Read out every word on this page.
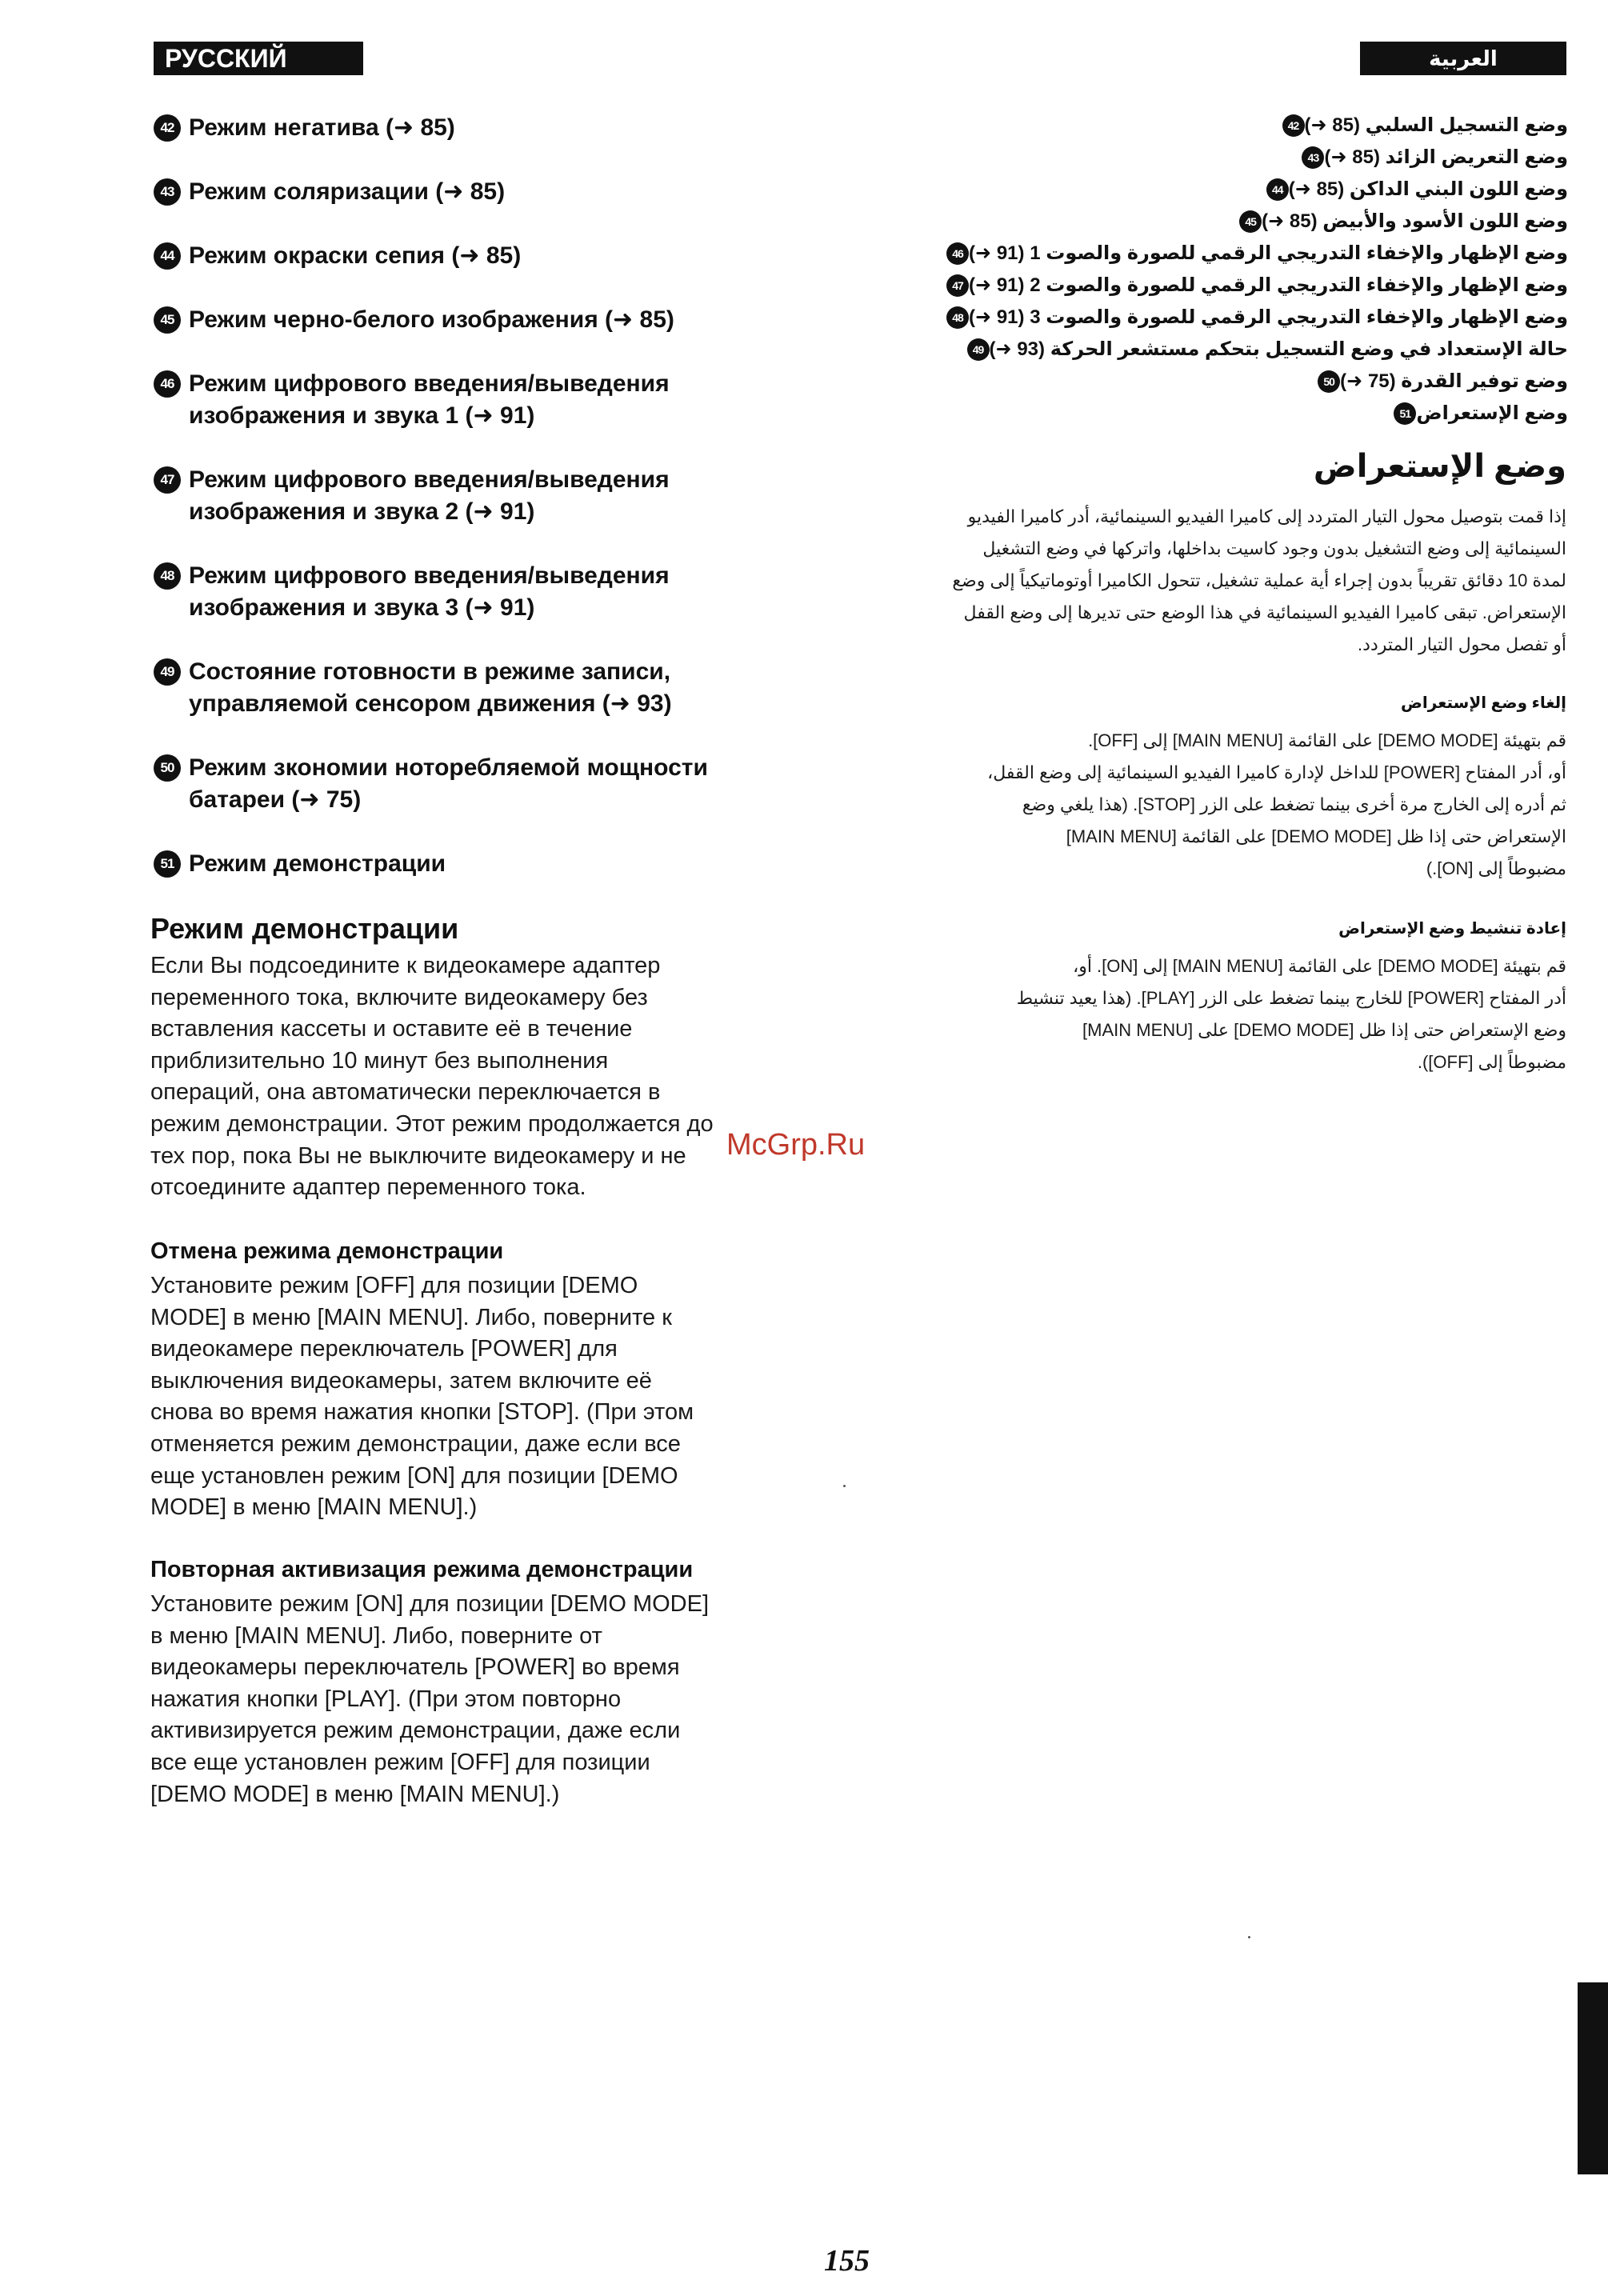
РУССКИЙ ЯЗЫК
العربية
42 Режим негатива (➜ 85)
43 Режим соляризации (➜ 85)
44 Режим окраски сепия (➜ 85)
45 Режим черно-белого изображения (➜ 85)
46 Режим цифрового введения/выведения
изображения и звука 1 (➜ 91)
47 Режим цифрового введения/выведения
изображения и звука 2 (➜ 91)
48 Режим цифрового введения/выведения
изображения и звука 3 (➜ 91)
49 Состояние готовности в режиме записи,
управляемой сенсором движения (➜ 93)
50 Режим зкономии ноторебляемой мощности
батареи (➜ 75)
51 Режим демонстрации
Режим демонстрации

Если Вы подсоедините к видеокамере адаптер
переменного тока, включите видеокамеру без
вставления кассеты и оставите её в течение
приблизительно 10 минут без выполнения
операций, она автоматически переключается в
режим демонстрации. Этот режим продолжается до
тех пор, пока Вы не выключите видеокамеру и не
отсоедините адаптер переменного тока.

Отмена режима демонстрации

Установите режим [OFF] для позиции [DEMO
MODE] в меню [MAIN MENU]. Либо, поверните к
видеокамере переключатель [POWER] для
выключения видеокамеры, затем включите её
снова во время нажатия кнопки [STOP]. (При этом
отменяется режим демонстрации, даже если все
еще установлен режим [ON] для позиции [DEMO
MODE] в меню [MAIN MENU].)

Повторная активизация режима демонстрации

Установите режим [ON] для позиции [DEMO MODE]
в меню [MAIN MENU]. Либо, поверните от
видеокамеры переключатель [POWER] во время
нажатия кнопки [PLAY]. (При этом повторно
активизируется режим демонстрации, даже если
все еще установлен режим [OFF] для позиции
[DEMO MODE] в меню [MAIN MENU].)

42 وضع التسجيل السلبي (85 ➜)
43 وضع التعريض الزائد (85 ➜)
44 وضع اللون البني الداكن (85 ➜)
45 وضع اللون الأسود والأبيض (85 ➜)
46 وضع الإظهار والإخفاء التدريجي الرقمي للصورة والصوت 1 (91 ➜)
47 وضع الإظهار والإخفاء التدريجي الرقمي للصورة والصوت 2 (91 ➜)
48 وضع الإظهار والإخفاء التدريجي الرقمي للصورة والصوت 3 (91 ➜)
49 حالة الإستعداد في وضع التسجيل بتحكم مستشعر الحركة (93 ➜)
50 وضع توفير القدرة (75 ➜)
51 وضع الإستعراض
وضع الإستعراض

إذا قمت بتوصيل محول التيار المتردد إلى كاميرا الفيديو السينمائية، أدر كاميرا الفيديو
السينمائية إلى وضع التشغيل بدون وجود كاسيت بداخلها، واتركها في وضع التشغيل
لمدة 10 دقائق تقريباً بدون إجراء أية عملية تشغيل، تتحول الكاميرا أوتوماتيكياً إلى وضع
الإستعراض. تبقى كاميرا الفيديو السينمائية في هذا الوضع حتى تديرها إلى وضع القفل
أو تفصل محول التيار المتردد.

إلغاء وضع الإستعراض

قم بتهيئة [DEMO MODE] على القائمة [MAIN MENU] إلى [OFF].
أو، أدر المفتاح [POWER] للداخل لإدارة كاميرا الفيديو السينمائية إلى وضع القفل،
ثم أدره إلى الخارج مرة أخرى بينما تضغط على الزر [STOP]. (هذا يلغي وضع
الإستعراض حتى إذا ظل [DEMO MODE] على القائمة [MAIN MENU]
مضبوطاً إلى [ON].)

إعادة تنشيط وضع الإستعراض

قم بتهيئة [DEMO MODE] على القائمة [MAIN MENU] إلى [ON]. أو،
أدر المفتاح [POWER] للخارج بينما تضغط على الزر [PLAY]. (هذا يعيد تنشيط
وضع الإستعراض حتى إذا ظل [DEMO MODE] على [MAIN MENU]
مضبوطاً إلى [OFF]).

McGrp.Ru

155
